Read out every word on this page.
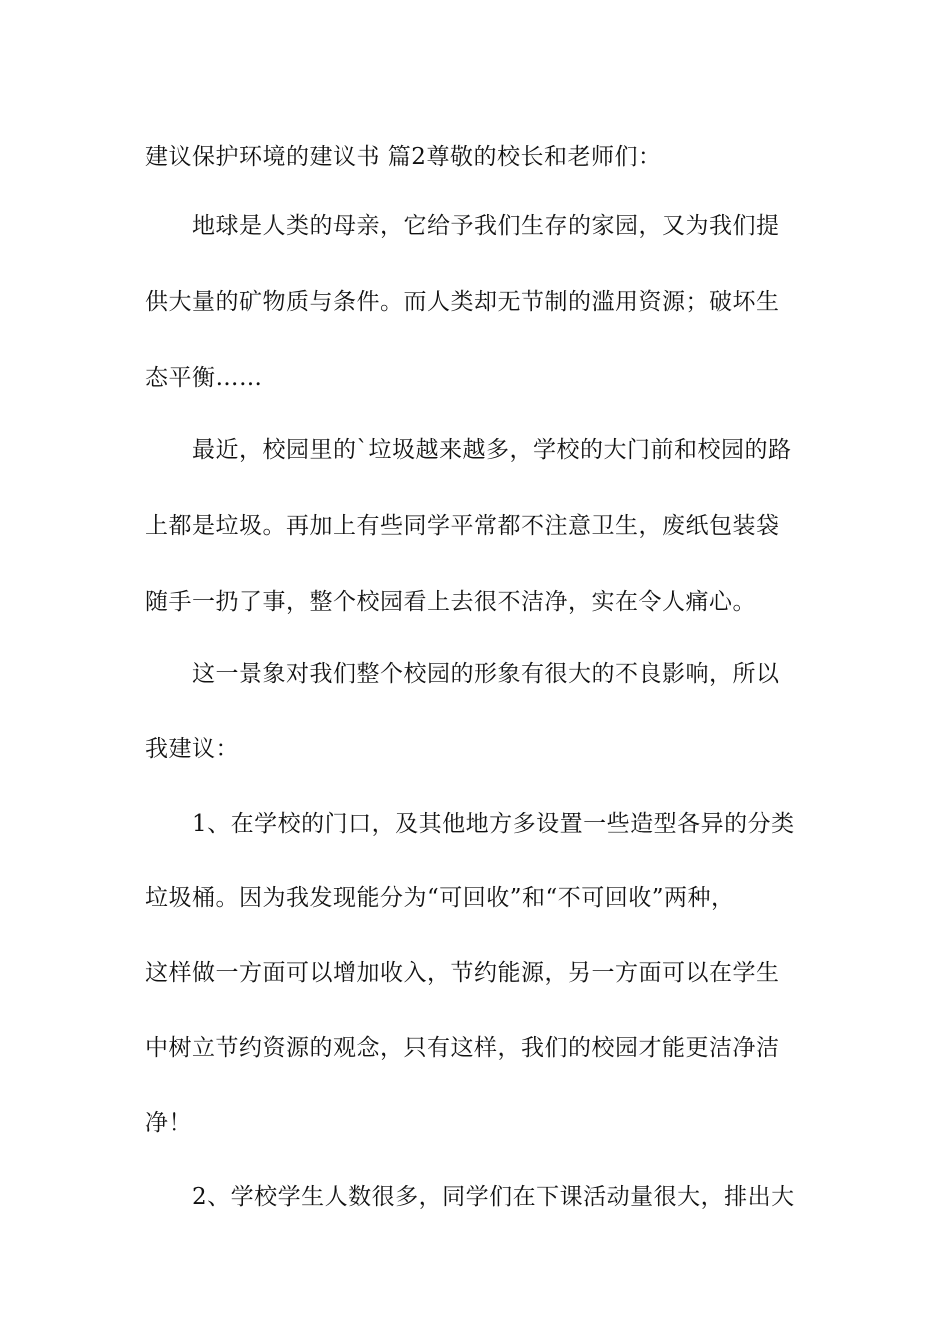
建议保护环境的建议书 篇2尊敬的校长和老师们：
地球是人类的母亲，它给予我们生存的家园，又为我们提
供大量的矿物质与条件。而人类却无节制的滥用资源；破坏生
态平衡……
最近，校园里的`垃圾越来越多，学校的大门前和校园的路
上都是垃圾。再加上有些同学平常都不注意卫生，废纸包装袋
随手一扔了事，整个校园看上去很不洁净，实在令人痛心。
这一景象对我们整个校园的形象有很大的不良影响，所以
我建议：
1、在学校的门口，及其他地方多设置一些造型各异的分类
垃圾桶。因为我发现能分为“可回收”和“不可回收”两种，
这样做一方面可以增加收入，节约能源，另一方面可以在学生
中树立节约资源的观念，只有这样，我们的校园才能更洁净洁
净！
2、学校学生人数很多，同学们在下课活动量很大，排出大
